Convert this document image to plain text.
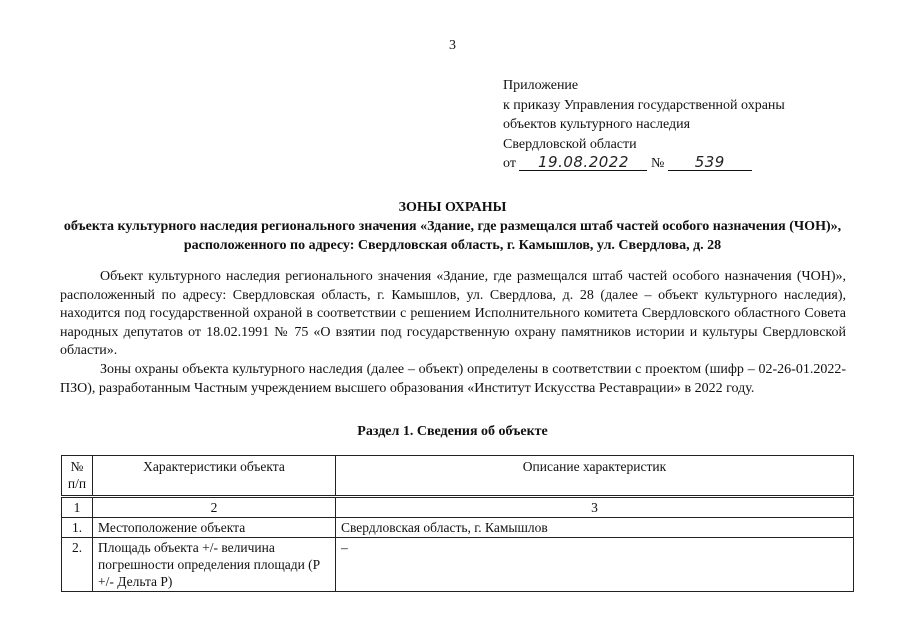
3
Приложение
к приказу Управления государственной охраны
объектов культурного наследия
Свердловской области
от 19.08.2022 № 539
ЗОНЫ ОХРАНЫ
объекта культурного наследия регионального значения «Здание, где размещался штаб частей особого назначения (ЧОН)», расположенного по адресу: Свердловская область, г. Камышлов, ул. Свердлова, д. 28

Объект культурного наследия регионального значения «Здание, где размещался штаб частей особого назначения (ЧОН)», расположенный по адресу: Свердловская область, г. Камышлов, ул. Свердлова, д. 28 (далее – объект культурного наследия), находится под государственной охраной в соответствии с решением Исполнительного комитета Свердловского областного Совета народных депутатов от 18.02.1991 № 75 «О взятии под государственную охрану памятников истории и культуры Свердловской области».

Зоны охраны объекта культурного наследия (далее – объект) определены в соответствии с проектом (шифр – 02-26-01.2022-ПЗО), разработанным Частным учреждением высшего образования «Институт Искусства Реставрации» в 2022 году.

Раздел 1. Сведения об объекте
№ п/п	Характеристики объекта	Описание характеристик
1	2	3
1.	Местоположение объекта	Свердловская область, г. Камышлов
2.	Площадь объекта +/- величина погрешности определения площади (P +/- Дельта P)	–
